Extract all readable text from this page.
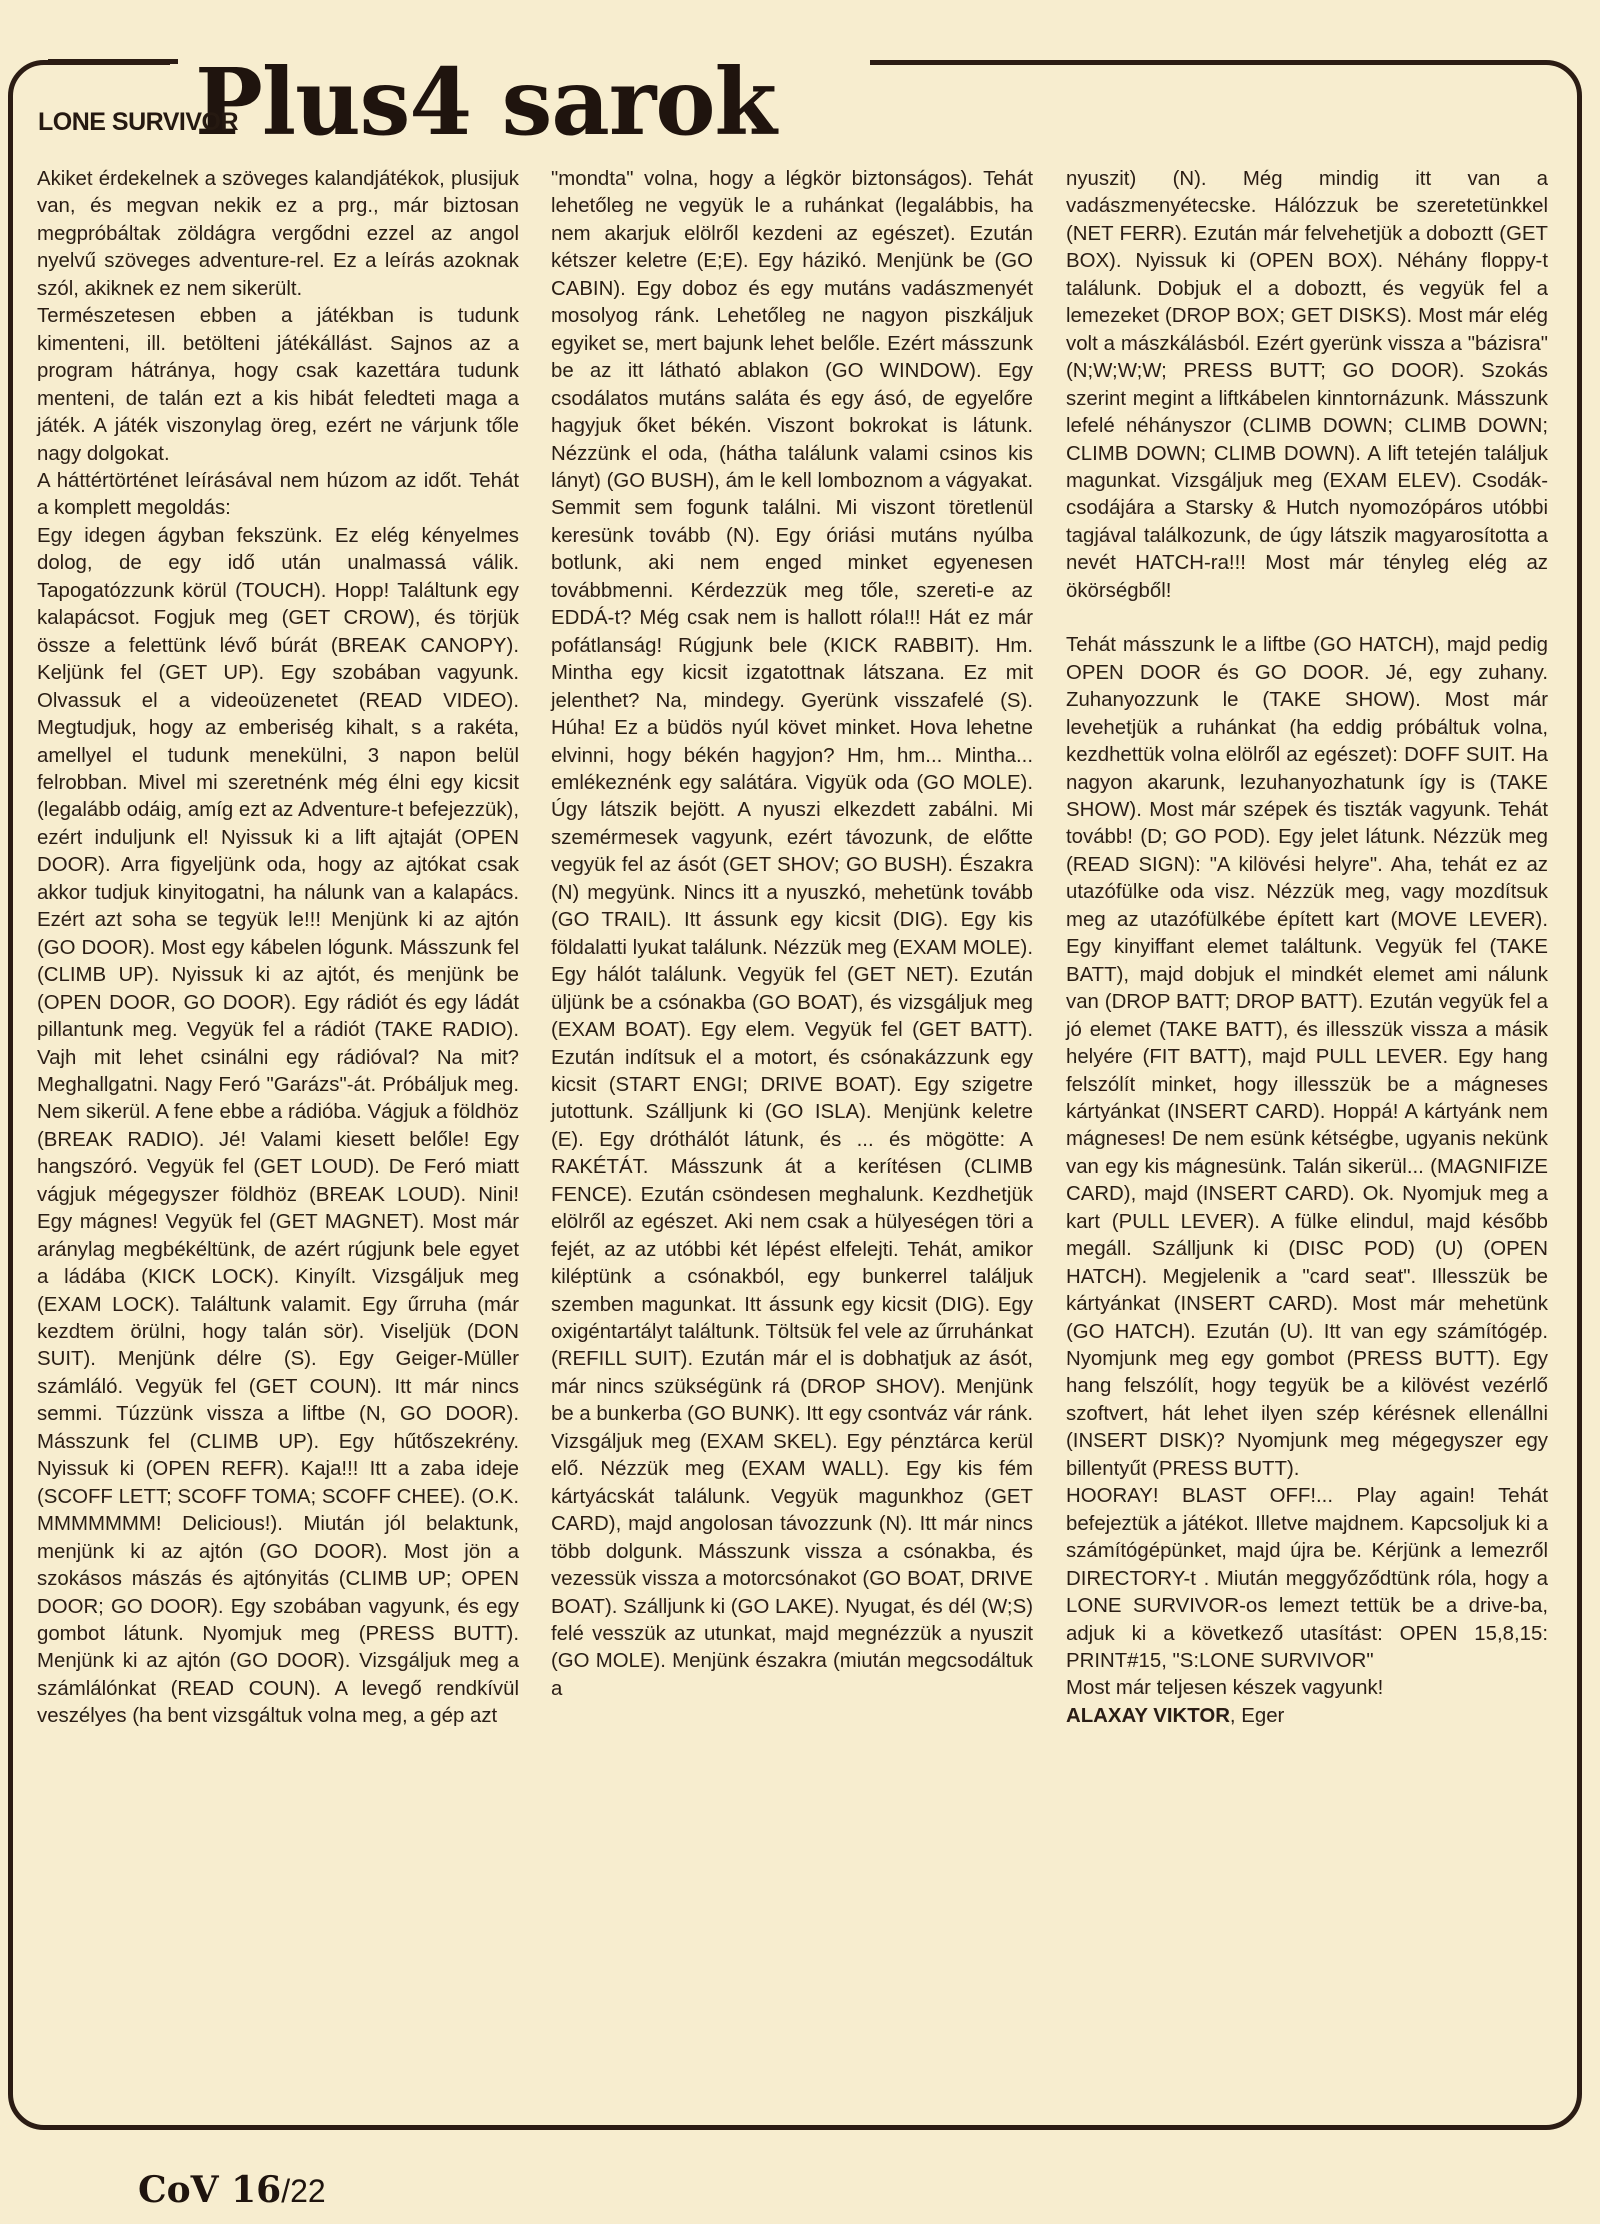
Plus4 sarok
LONE SURVIVOR

Akiket érdekelnek a szöveges kalandjátékok, plusijuk van, és megvan nekik ez a prg., már biztosan megpróbáltak zöldágra vergődni ezzel az angol nyelvű szöveges adventure-rel. Ez a leírás azoknak szól, akiknek ez nem sikerült.

Természetesen ebben a játékban is tudunk kimenteni, ill. betölteni játékállást. Sajnos az a program hátránya, hogy csak kazettára tudunk menteni, de talán ezt a kis hibát feledteti maga a játék. A játék viszonylag öreg, ezért ne várjunk tőle nagy dolgokat.

A háttértörténet leírásával nem húzom az időt. Tehát a komplett megoldás:

Egy idegen ágyban fekszünk. Ez elég kényelmes dolog, de egy idő után unalmassá válik. Tapogatózzunk körül (TOUCH). Hopp! Találtunk egy kalapácsot. Fogjuk meg (GET CROW), és törjük össze a felettünk lévő búrát (BREAK CANOPY). Keljünk fel (GET UP). Egy szobában vagyunk. Olvassuk el a videoüzenetet (READ VIDEO). Megtudjuk, hogy az emberiség kihalt, s a rakéta, amellyel el tudunk menekülni, 3 napon belül felrobban. Mivel mi szeretnénk még élni egy kicsit (legalább odáig, amíg ezt az Adventure-t befejezzük), ezért induljunk el! Nyissuk ki a lift ajtaját (OPEN DOOR). Arra figyeljünk oda, hogy az ajtókat csak akkor tudjuk kinyitogatni, ha nálunk van a kalapács. Ezért azt soha se tegyük le!!! Menjünk ki az ajtón (GO DOOR). Most egy kábelen lógunk. Másszunk fel (CLIMB UP). Nyissuk ki az ajtót, és menjünk be (OPEN DOOR, GO DOOR). Egy rádiót és egy ládát pillantunk meg. Vegyük fel a rádiót (TAKE RADIO). Vajh mit lehet csinálni egy rádióval? Na mit? Meghallgatni. Nagy Feró "Garázs"-át. Próbáljuk meg. Nem sikerül. A fene ebbe a rádióba. Vágjuk a földhöz (BREAK RADIO). Jé! Valami kiesett belőle! Egy hangszóró. Vegyük fel (GET LOUD). De Feró miatt vágjuk mégegyszer földhöz (BREAK LOUD). Nini! Egy mágnes! Vegyük fel (GET MAGNET). Most már aránylag megbékéltünk, de azért rúgjunk bele egyet a ládába (KICK LOCK). Kinyílt. Vizsgáljuk meg (EXAM LOCK). Találtunk valamit. Egy űrruha (már kezdtem örülni, hogy talán sör). Viseljük (DON SUIT). Menjünk délre (S). Egy Geiger-Müller számláló. Vegyük fel (GET COUN). Itt már nincs semmi. Túzzünk vissza a liftbe (N, GO DOOR). Másszunk fel (CLIMB UP). Egy hűtőszekrény. Nyissuk ki (OPEN REFR). Kaja!!! Itt a zaba ideje (SCOFF LETT; SCOFF TOMA; SCOFF CHEE). (O.K. MMMMMMM! Delicious!). Miután jól belaktunk, menjünk ki az ajtón (GO DOOR). Most jön a szokásos mászás és ajtónyitás (CLIMB UP; OPEN DOOR; GO DOOR). Egy szobában vagyunk, és egy gombot látunk. Nyomjuk meg (PRESS BUTT). Menjünk ki az ajtón (GO DOOR). Vizsgáljuk meg a számlálónkat (READ COUN). A levegő rendkívül veszélyes (ha bent vizsgáltuk volna meg, a gép azt

"mondta" volna, hogy a légkör biztonságos). Tehát lehetőleg ne vegyük le a ruhánkat (legalábbis, ha nem akarjuk elölről kezdeni az egészet). Ezután kétszer keletre (E;E). Egy házikó. Menjünk be (GO CABIN). Egy doboz és egy mutáns vadászmenyét mosolyog ránk. Lehetőleg ne nagyon piszkáljuk egyiket se, mert bajunk lehet belőle. Ezért másszunk be az itt látható ablakon (GO WINDOW). Egy csodálatos mutáns saláta és egy ásó, de egyelőre hagyjuk őket békén. Viszont bokrokat is látunk. Nézzünk el oda, (hátha találunk valami csinos kis lányt) (GO BUSH), ám le kell lomboznom a vágyakat. Semmit sem fogunk találni. Mi viszont töretlenül keresünk tovább (N). Egy óriási mutáns nyúlba botlunk, aki nem enged minket egyenesen továbbmenni. Kérdezzük meg tőle, szereti-e az EDDÁ-t? Még csak nem is hallott róla!!! Hát ez már pofátlanság! Rúgjunk bele (KICK RABBIT). Hm. Mintha egy kicsit izgatottnak látszana. Ez mit jelenthet? Na, mindegy. Gyerünk visszafelé (S). Húha! Ez a büdös nyúl követ minket. Hova lehetne elvinni, hogy békén hagyjon? Hm, hm... Mintha... emlékeznénk egy salátára. Vigyük oda (GO MOLE). Úgy látszik bejött. A nyuszi elkezdett zabálni. Mi szemérmesek vagyunk, ezért távozunk, de előtte vegyük fel az ásót (GET SHOV; GO BUSH). Északra (N) megyünk. Nincs itt a nyuszkó, mehetünk tovább (GO TRAIL). Itt ássunk egy kicsit (DIG). Egy kis földalatti lyukat találunk. Nézzük meg (EXAM MOLE). Egy hálót találunk. Vegyük fel (GET NET). Ezután üljünk be a csónakba (GO BOAT), és vizsgáljuk meg (EXAM BOAT). Egy elem. Vegyük fel (GET BATT). Ezután indítsuk el a motort, és csónakázzunk egy kicsit (START ENGI; DRIVE BOAT). Egy szigetre jutottunk. Szálljunk ki (GO ISLA). Menjünk keletre (E). Egy dróthálót látunk, és ... és mögötte: A RAKÉTÁT. Másszunk át a kerítésen (CLIMB FENCE). Ezután csöndesen meghalunk. Kezdhetjük elölről az egészet. Aki nem csak a hülyeségen töri a fejét, az az utóbbi két lépést elfelejti. Tehát, amikor kiléptünk a csónakból, egy bunkerrel találjuk szemben magunkat. Itt ássunk egy kicsit (DIG). Egy oxigéntartályt találtunk. Töltsük fel vele az űrruhánkat (REFILL SUIT). Ezután már el is dobhatjuk az ásót, már nincs szükségünk rá (DROP SHOV). Menjünk be a bunkerba (GO BUNK). Itt egy csontváz vár ránk. Vizsgáljuk meg (EXAM SKEL). Egy pénztárca kerül elő. Nézzük meg (EXAM WALL). Egy kis fém kártyácskát találunk. Vegyük magunkhoz (GET CARD), majd angolosan távozzunk (N). Itt már nincs több dolgunk. Másszunk vissza a csónakba, és vezessük vissza a motorcsónakot (GO BOAT, DRIVE BOAT). Szálljunk ki (GO LAKE). Nyugat, és dél (W;S) felé vesszük az utunkat, majd megnézzük a nyuszit (GO MOLE). Menjünk északra (miután megcsodáltuk a

nyuszit) (N). Még mindig itt van a vadászmenyétecske. Hálózzuk be szeretetünkkel (NET FERR). Ezután már felvehetjük a doboztt (GET BOX). Nyissuk ki (OPEN BOX). Néhány floppy-t találunk. Dobjuk el a doboztt, és vegyük fel a lemezeket (DROP BOX; GET DISKS). Most már elég volt a mászkálásból. Ezért gyerünk vissza a "bázisra" (N;W;W;W; PRESS BUTT; GO DOOR). Szokás szerint megint a liftkábelen kinntornázunk. Másszunk lefelé néhányszor (CLIMB DOWN; CLIMB DOWN; CLIMB DOWN; CLIMB DOWN). A lift tetején találjuk magunkat. Vizsgáljuk meg (EXAM ELEV). Csodák-csodájára a Starsky & Hutch nyomozópáros utóbbi tagjával találkozunk, de úgy látszik magyarosította a nevét HATCH-ra!!! Most már tényleg elég az ökörségből!

Tehát másszunk le a liftbe (GO HATCH), majd pedig OPEN DOOR és GO DOOR. Jé, egy zuhany. Zuhanyozzunk le (TAKE SHOW). Most már levehetjük a ruhánkat (ha eddig próbáltuk volna, kezdhettük volna elölről az egészet): DOFF SUIT. Ha nagyon akarunk, lezuhanyozhatunk így is (TAKE SHOW). Most már szépek és tiszták vagyunk. Tehát tovább! (D; GO POD). Egy jelet látunk. Nézzük meg (READ SIGN): "A kilövési helyre". Aha, tehát ez az utazófülke oda visz. Nézzük meg, vagy mozdítsuk meg az utazófülkébe épített kart (MOVE LEVER). Egy kinyiffant elemet találtunk. Vegyük fel (TAKE BATT), majd dobjuk el mindkét elemet ami nálunk van (DROP BATT; DROP BATT). Ezután vegyük fel a jó elemet (TAKE BATT), és illesszük vissza a másik helyére (FIT BATT), majd PULL LEVER. Egy hang felszólít minket, hogy illesszük be a mágneses kártyánkat (INSERT CARD). Hoppá! A kártyánk nem mágneses! De nem esünk kétségbe, ugyanis nekünk van egy kis mágnesünk. Talán sikerül... (MAGNIFIZE CARD), majd (INSERT CARD). Ok. Nyomjuk meg a kart (PULL LEVER). A fülke elindul, majd később megáll. Szálljunk ki (DISC POD) (U) (OPEN HATCH). Megjelenik a "card seat". Illesszük be kártyánkat (INSERT CARD). Most már mehetünk (GO HATCH). Ezután (U). Itt van egy számítógép. Nyomjunk meg egy gombot (PRESS BUTT). Egy hang felszólít, hogy tegyük be a kilövést vezérlő szoftvert, hát lehet ilyen szép kérésnek ellenállni (INSERT DISK)? Nyomjunk meg mégegyszer egy billentyűt (PRESS BUTT).

HOORAY! BLAST OFF!... Play again! Tehát befejeztük a játékot. Illetve majdnem. Kapcsoljuk ki a számítógépünket, majd újra be. Kérjünk a lemezről DIRECTORY-t . Miután meggyőződtünk róla, hogy a LONE SURVIVOR-os lemezt tettük be a drive-ba, adjuk ki a következő utasítást: OPEN 15,8,15: PRINT#15, "S:LONE SURVIVOR"

Most már teljesen készek vagyunk!

ALAXAY VIKTOR, Eger

CoV 16/22
